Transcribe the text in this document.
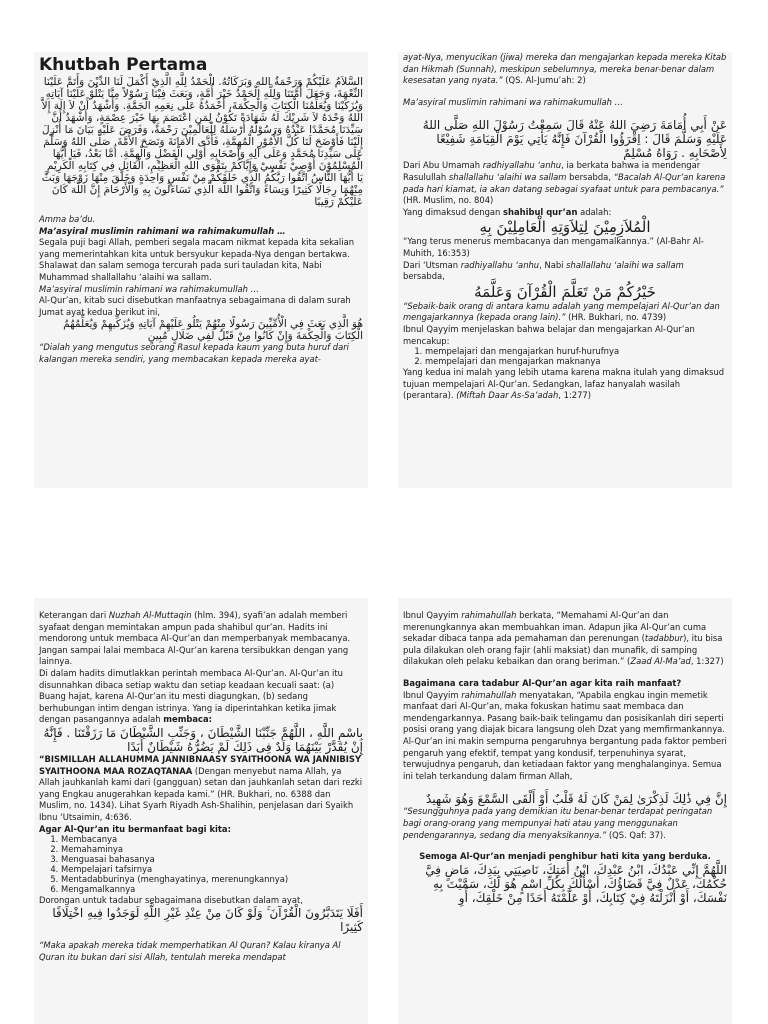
Khutbah Pertama

السَّلاَمُ عَلَيْكُمْ وَرَحْمَةُ اللهِ وَبَرَكَاتُهُ. الْحَمْدُ لِلَّهِ الَّذِيْ أَكْمَلَ لَنَا الدِّيْنَ وَأَتَمَّ عَلَيْنَا النِّعْمَةَ، وَجَعَلَ أُمَّتَنَا وَلِلَّهِ الْحَمْدُ خَيْرَ أُمَّةٍ، وَبَعَثَ فِيْنَا رَسُوْلاً مِنَّا يَتْلُوْ عَلَيْنَا آيَاتِهِ وَيُزَكِّيْنَا وَيُعَلِّمُنَا الْكِتَابَ وَالْحِكْمَةَ، أَحْمَدُهُ عَلَى نِعَمِهِ الْجَمَّةِ. وَأَشْهَدُ أَنْ لاَ إِلَهَ إِلاَّ اللهُ وَحْدَهُ لاَ شَرِيْكَ لَهُ شَهَادَةً تَكُوْنُ لِمَنِ اعْتَصَمَ بِهَا خَيْرَ عِصْمَةٍ، وَأَشْهَدُ أَنَّ سَيِّدَنَا مُحَمَّدًا عَبْدُهُ وَرَسُوْلُهُ أَرْسَلَهُ لِلْعَالَمِيْنَ رَحْمَةً، وَفَرَضَ عَلَيْهِ بَيَانَ مَا أُنْزِلَ إِلَيْنَا فَأَوْضَحَ لَنَا كُلَّ الأُمُوْرِ الْمُهِمَّةِ، فَأَدَّى الأَمَانَةَ وَنَصَحَ الأُمَّةَ. صَلَّى اللهُ وَسَلَّمَ عَلَى سَيِّدِنَا مُحَمَّدٍ وَعَلَى آلِهِ وَأَصْحَابِهِ أُوْلِي الْفَضْلِ وَالْهِمَّةِ. أَمَّا بَعْدُ، فَيَا أَيُّهَا الْمُسْلِمُوْنَ أُوْصِيْ نَفْسِيْ وَإِيَّاكُمْ بِتَقْوَى اللهِ الْعَظِيْمِ، الْقَائِلِ فِي كِتَابِهِ الْكَرِيْمِ يَا أَيُّهَا النَّاسُ اتَّقُوا رَبَّكُمُ الَّذِي خَلَقَكُمْ مِنْ نَفْسٍ وَاحِدَةٍ وَخَلَقَ مِنْهَا زَوْجَهَا وَبَثَّ مِنْهُمَا رِجَالًا كَثِيرًا وَنِسَاءً وَاتَّقُوا اللَّهَ الَّذِي تَسَاءَلُونَ بِهِ وَالْأَرْحَامَ إِنَّ اللَّهَ كَانَ عَلَيْكُمْ رَقِيبًا

Amma ba’du.

Ma’asyiral muslimin rahimani wa rahimakumullah …

Segala puji bagi Allah, pemberi segala macam nikmat kepada kita sekalian yang memerintahkan kita untuk bersyukur kepada-Nya dengan bertakwa. Shalawat dan salam semoga tercurah pada suri tauladan kita, Nabi Muhammad shallallahu ‘alaihi wa sallam.

Ma’asyiral muslimin rahimani wa rahimakumullah …

Al-Qur’an, kitab suci disebutkan manfaatnya sebagaimana di dalam surah Jumat ayat kedua berikut ini,

هُوَ الَّذِي بَعَثَ فِي الْأُمِّيِّينَ رَسُولًا مِنْهُمْ يَتْلُو عَلَيْهِمْ آيَاتِهِ وَيُزَكِّيهِمْ وَيُعَلِّمُهُمُ الْكِتَابَ وَالْحِكْمَةَ وَإِنْ كَانُوا مِنْ قَبْلُ لَفِي ضَلَالٍ مُبِينٍ

“Dialah yang mengutus seorang Rasul kepada kaum yang buta huruf dari kalangan mereka sendiri, yang membacakan kepada mereka ayat-

ayat-Nya, menyucikan (jiwa) mereka dan mengajarkan kepada mereka Kitab dan Hikmah (Sunnah), meskipun sebelumnya, mereka benar-benar dalam kesesatan yang nyata.” (QS. Al-Jumu’ah: 2)

Ma’asyiral muslimin rahimani wa rahimakumullah …

عَنْ أَبِي أُمَامَةَ رَضِيَ اللهُ عَنْهُ قَالَ سَمِعْتُ رَسُوْلَ اللهِ صَلَّى اللهُ عَلَيْهِ وَسَلَّمَ قَالَ : اِقْرَؤُوا الْقُرْآنَ فَإِنَّهُ يَأْتِي يَوْمَ الْقِيَامَةِ شَفِيْعًا لِأَصْحَابِهِ . رَوَاهُ مُسْلِمٌ

Dari Abu Umamah radhiyallahu ‘anhu, ia berkata bahwa ia mendengar Rasulullah shallallahu ‘alaihi wa sallam bersabda, “Bacalah Al-Qur’an karena pada hari kiamat, ia akan datang sebagai syafaat untuk para pembacanya.” (HR. Muslim, no. 804)

Yang dimaksud dengan shahibul qur’an adalah:

الْمُلاَزِمِيْنَ لِتِلاَوَتِهِ الْعَامِلِيْنَ بِهِ

“Yang terus menerus membacanya dan mengamalkannya.” (Al-Bahr Al-Muhith, 16:353)

Dari ‘Utsman radhiyallahu ‘anhu, Nabi shallallahu ‘alaihi wa sallam bersabda,

خَيْرُكُمْ مَنْ تَعَلَّمَ الْقُرْآنَ وَعَلَّمَهُ

“Sebaik-baik orang di antara kamu adalah yang mempelajari Al-Qur’an dan mengajarkannya (kepada orang lain).” (HR. Bukhari, no. 4739)

Ibnul Qayyim menjelaskan bahwa belajar dan mengajarkan Al-Qur’an mencakup:

1. mempelajari dan mengajarkan huruf-hurufnya
2. mempelajari dan mengajarkan maknanya

Yang kedua ini malah yang lebih utama karena makna itulah yang dimaksud tujuan mempelajari Al-Qur’an. Sedangkan, lafaz hanyalah wasilah (perantara). (Miftah Daar As-Sa’adah, 1:277)

Keterangan dari Nuzhah Al-Muttaqin (hlm. 394), syafi’an adalah memberi syafaat dengan memintakan ampun pada shahibul qur’an. Hadits ini mendorong untuk membaca Al-Qur’an dan memperbanyak membacanya. Jangan sampai lalai membaca Al-Qur’an karena tersibukkan dengan yang lainnya.

Di dalam hadits dimutlakkan perintah membaca Al-Qur’an. Al-Qur’an itu disunnahkan dibaca setiap waktu dan setiap keadaan kecuali saat: (a) Buang hajat, karena Al-Qur’an itu mesti diagungkan, (b) sedang berhubungan intim dengan istrinya. Yang ia diperintahkan ketika jimak dengan pasangannya adalah membaca:

بِاسْمِ اللَّهِ ، اللَّهُمَّ جَنِّبْنَا الشَّيْطَانَ ، وَجَنِّبِ الشَّيْطَانَ مَا رَزَقْتَنَا . فَإِنَّهُ إِنْ يُقَدَّرْ بَيْنَهُمَا وَلَدٌ فِى ذَلِكَ لَمْ يَضُرُّهُ شَيْطَانٌ أَبَدًا

“BISMILLAH ALLAHUMMA JANNIBNAASY SYAITHOONA WA JANNIBISY SYAITHOONA MAA ROZAQTANAA (Dengan menyebut nama Allah, ya Allah jauhkanlah kami dari (gangguan) setan dan jauhkanlah setan dari rezki yang Engkau anugerahkan kepada kami.” (HR. Bukhari, no. 6388 dan Muslim, no. 1434). Lihat Syarh Riyadh Ash-Shalihin, penjelasan dari Syaikh Ibnu ‘Utsaimin, 4:636.

Agar Al-Qur’an itu bermanfaat bagi kita:

1. Membacanya
2. Memahaminya
3. Menguasai bahasanya
4. Mempelajari tafsirnya
5. Mentadabburinya (menghayatinya, merenungkannya)
6. Mengamalkannya

Dorongan untuk tadabur sebagaimana disebutkan dalam ayat,

أَفَلَا يَتَدَبَّرُونَ الْقُرْآنَ ۚ وَلَوْ كَانَ مِنْ عِنْدِ غَيْرِ اللَّهِ لَوَجَدُوا فِيهِ اخْتِلَافًا كَثِيرًا

“Maka apakah mereka tidak memperhatikan Al Quran? Kalau kiranya Al Quran itu bukan dari sisi Allah, tentulah mereka mendapat

Ibnul Qayyim rahimahullah berkata, “Memahami Al-Qur’an dan merenungkannya akan membuahkan iman. Adapun jika Al-Qur’an cuma sekadar dibaca tanpa ada pemahaman dan perenungan (tadabbur), itu bisa pula dilakukan oleh orang fajir (ahli maksiat) dan munafik, di samping dilakukan oleh pelaku kebaikan dan orang beriman.” (Zaad Al-Ma’ad, 1:327)

Bagaimana cara tadabur Al-Qur’an agar kita raih manfaat?

Ibnul Qayyim rahimahullah menyatakan, “Apabila engkau ingin memetik manfaat dari Al-Qur’an, maka fokuskan hatimu saat membaca dan mendengarkannya. Pasang baik-baik telingamu dan posisikanlah diri seperti posisi orang yang diajak bicara langsung oleh Dzat yang memfirmankannya. Al-Qur’an ini makin sempurna pengaruhnya bergantung pada faktor pemberi pengaruh yang efektif, tempat yang kondusif, terpenuhinya syarat, terwujudnya pengaruh, dan ketiadaan faktor yang menghalanginya. Semua ini telah terkandung dalam firman Allah,

إِنَّ فِي ذَٰلِكَ لَذِكْرَىٰ لِمَنْ كَانَ لَهُ قَلْبٌ أَوْ أَلْقَى السَّمْعَ وَهُوَ شَهِيدٌ

“Sesungguhnya pada yang demikian itu benar-benar terdapat peringatan bagi orang-orang yang mempunyai hati atau yang menggunakan pendengarannya, sedang dia menyaksikannya.” (QS. Qaf: 37).

Semoga Al-Qur’an menjadi penghibur hati kita yang berduka.

اللَّهُمَّ إِنِّي عَبْدُكَ، ابْنُ عَبْدِكَ، ابْنُ أَمَتِكَ، نَاصِيَتِي بِيَدِكَ، مَاضٍ فِيَّ حُكْمُكَ، عَدْلٌ فِيَّ قَضَاؤُكَ، أَسْأَلُكَ بِكُلِّ اسْمٍ هُوَ لَكَ، سَمَّيْتَ بِهِ نَفْسَكَ، أَوْ أَنْزَلْتَهُ فِيْ كِتَابِكَ، أَوْ عَلَّمْتَهُ أَحَدًا مِنْ خَلْقِكَ، أَوِ
